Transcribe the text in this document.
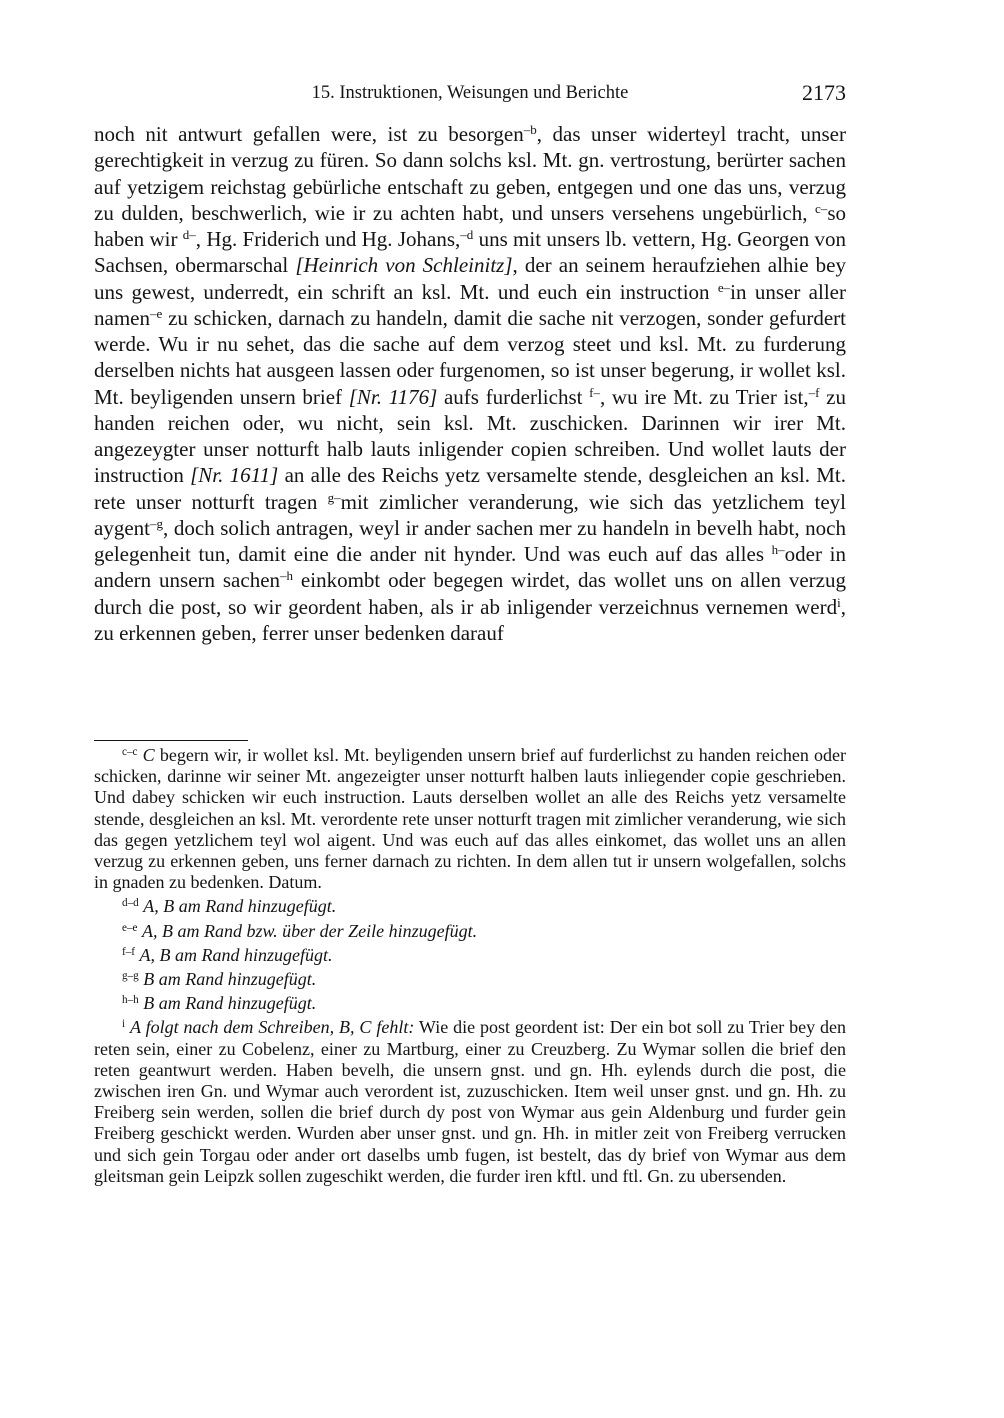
15. Instruktionen, Weisungen und Berichte	2173

noch nit antwurt gefallen were, ist zu besorgen$^{-b}$, das unser widerteyl tracht, unser gerechtigkeit in verzug zu füren. So dann solchs ksl. Mt. gn. vertrostung, berürter sachen auf yetzigem reichstag gebürliche entschaft zu geben, entgegen und one das uns, verzug zu dulden, beschwerlich, wie ir zu achten habt, und unsers versehens ungebürlich, $^{c-}$so haben wir $^{d-}$, Hg. Friderich und Hg. Johans,$^{-d}$ uns mit unsers lb. vettern, Hg. Georgen von Sachsen, obermarschal [Heinrich von Schleinitz], der an seinem heraufziehen alhie bey uns gewest, underredt, ein schrift an ksl. Mt. und euch ein instruction $^{e-}$in unser aller namen$^{-e}$ zu schicken, darnach zu handeln, damit die sache nit verzogen, sonder gefurdert werde. Wu ir nu sehet, das die sache auf dem verzog steet und ksl. Mt. zu furderung derselben nichts hat ausgeen lassen oder furgenomen, so ist unser begerung, ir wollet ksl. Mt. beyligenden unsern brief [Nr. 1176] aufs furderlichst $^{f-}$, wu ire Mt. zu Trier ist,$^{-f}$ zu handen reichen oder, wu nicht, sein ksl. Mt. zuschicken. Darinnen wir irer Mt. angezeygter unser notturft halb lauts inligender copien schreiben. Und wollet lauts der instruction [Nr. 1611] an alle des Reichs yetz versamelte stende, desgleichen an ksl. Mt. rete unser notturft tragen $^{g-}$mit zimlicher veranderung, wie sich das yetzlichem teyl aygent$^{-g}$, doch solich antragen, weyl ir ander sachen mer zu handeln in bevelh habt, noch gelegenheit tun, damit eine die ander nit hynder. Und was euch auf das alles $^{h-}$oder in andern unsern sachen$^{-h}$ einkombt oder begegen wirdet, das wollet uns on allen verzug durch die post, so wir geordent haben, als ir ab inligender verzeichnus vernemen werd$^i$, zu erkennen geben, ferrer unser bedenken darauf

$^{c-c}$ C begern wir, ir wollet ksl. Mt. beyligenden unsern brief auf furderlichst zu handen reichen oder schicken, darinne wir seiner Mt. angezeigter unser notturft halben lauts inliegender copie geschrieben. Und dabey schicken wir euch instruction. Lauts derselben wollet an alle des Reichs yetz versamelte stende, desgleichen an ksl. Mt. verordente rete unser notturft tragen mit zimlicher veranderung, wie sich das gegen yetzlichem teyl wol aigent. Und was euch auf das alles einkomet, das wollet uns an allen verzug zu erkennen geben, uns ferner darnach zu richten. In dem allen tut ir unsern wolgefallen, solchs in gnaden zu bedenken. Datum.

$^{d-d}$ A, B am Rand hinzugefügt.

$^{e-e}$ A, B am Rand bzw. über der Zeile hinzugefügt.

$^{f-f}$ A, B am Rand hinzugefügt.

$^{g-g}$ B am Rand hinzugefügt.

$^{h-h}$ B am Rand hinzugefügt.

$^i$ A folgt nach dem Schreiben, B, C fehlt: Wie die post geordent ist: Der ein bot soll zu Trier bey den reten sein, einer zu Cobelenz, einer zu Martburg, einer zu Creuzberg. Zu Wymar sollen die brief den reten geantwurt werden. Haben bevelh, die unsern gnst. und gn. Hh. eylends durch die post, die zwischen iren Gn. und Wymar auch verordent ist, zuzuschicken. Item weil unser gnst. und gn. Hh. zu Freiberg sein werden, sollen die brief durch dy post von Wymar aus gein Aldenburg und furder gein Freiberg geschickt werden. Wurden aber unser gnst. und gn. Hh. in mitler zeit von Freiberg verrucken und sich gein Torgau oder ander ort daselbs umb fugen, ist bestelt, das dy brief von Wymar aus dem gleitsman gein Leipzk sollen zugeschikt werden, die furder iren kftl. und ftl. Gn. zu ubersenden.
